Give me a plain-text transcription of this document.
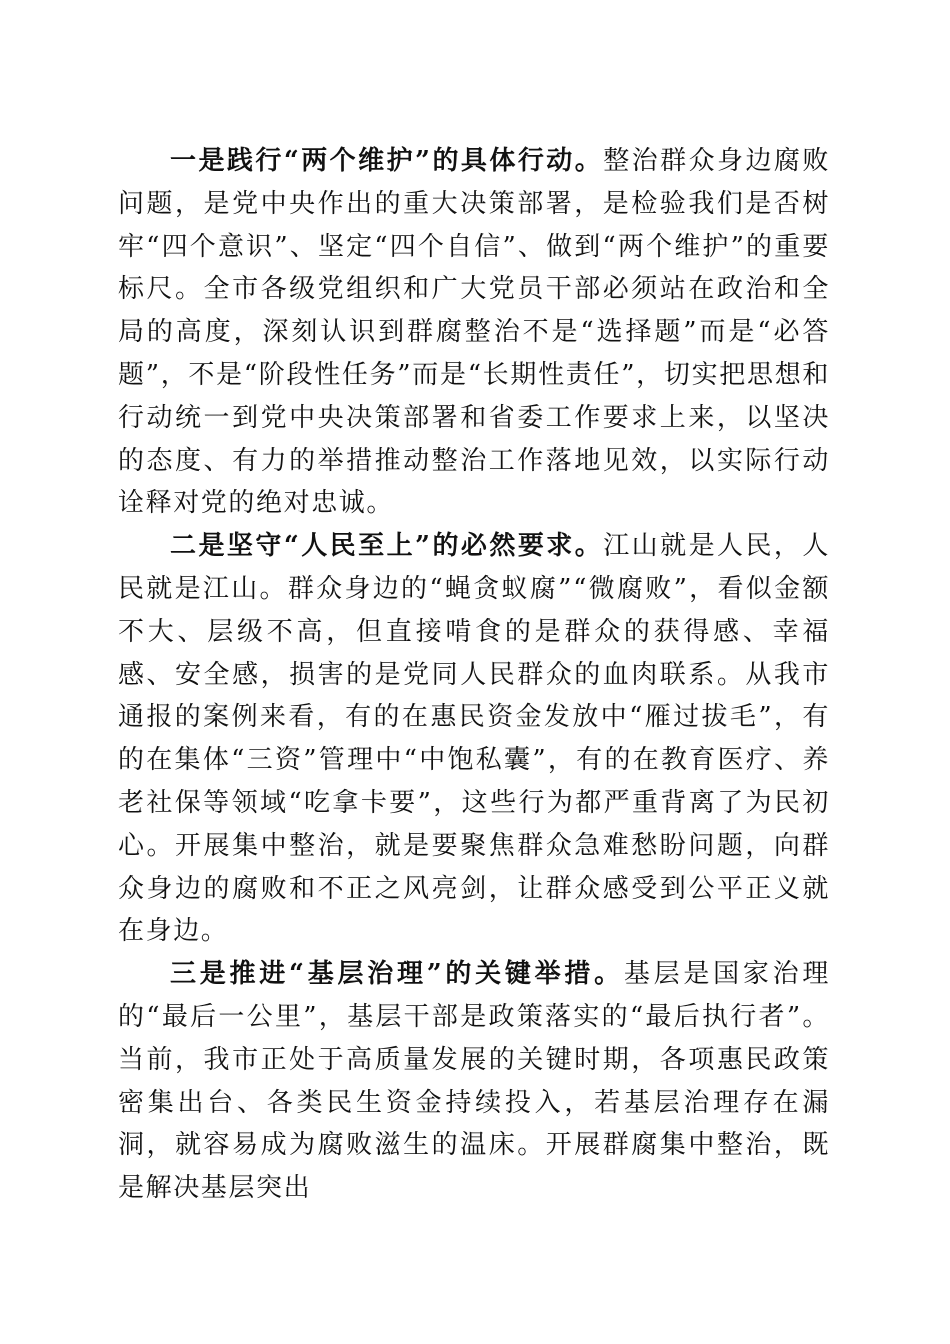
一是践行“两个维护”的具体行动。整治群众身边腐败问题，是党中央作出的重大决策部署，是检验我们是否树牢“四个意识”、坚定“四个自信”、做到“两个维护”的重要标尺。全市各级党组织和广大党员干部必须站在政治和全局的高度，深刻认识到群腐整治不是“选择题”而是“必答题”，不是“阶段性任务”而是“长期性责任”，切实把思想和行动统一到党中央决策部署和省委工作要求上来，以坚决的态度、有力的举措推动整治工作落地见效，以实际行动诠释对党的绝对忠诚。

二是坚守“人民至上”的必然要求。江山就是人民，人民就是江山。群众身边的“蝇贪蚁腐”“微腐败”，看似金额不大、层级不高，但直接啃食的是群众的获得感、幸福感、安全感，损害的是党同人民群众的血肉联系。从我市通报的案例来看，有的在惠民资金发放中“雁过拔毛”，有的在集体“三资”管理中“中饱私囊”，有的在教育医疗、养老社保等领域“吃拿卡要”，这些行为都严重背离了为民初心。开展集中整治，就是要聚焦群众急难愁盼问题，向群众身边的腐败和不正之风亮剑，让群众感受到公平正义就在身边。

三是推进“基层治理”的关键举措。基层是国家治理的“最后一公里”，基层干部是政策落实的“最后执行者”。当前，我市正处于高质量发展的关键时期，各项惠民政策密集出台、各类民生资金持续投入，若基层治理存在漏洞，就容易成为腐败滋生的温床。开展群腐集中整治，既是解决基层突出
